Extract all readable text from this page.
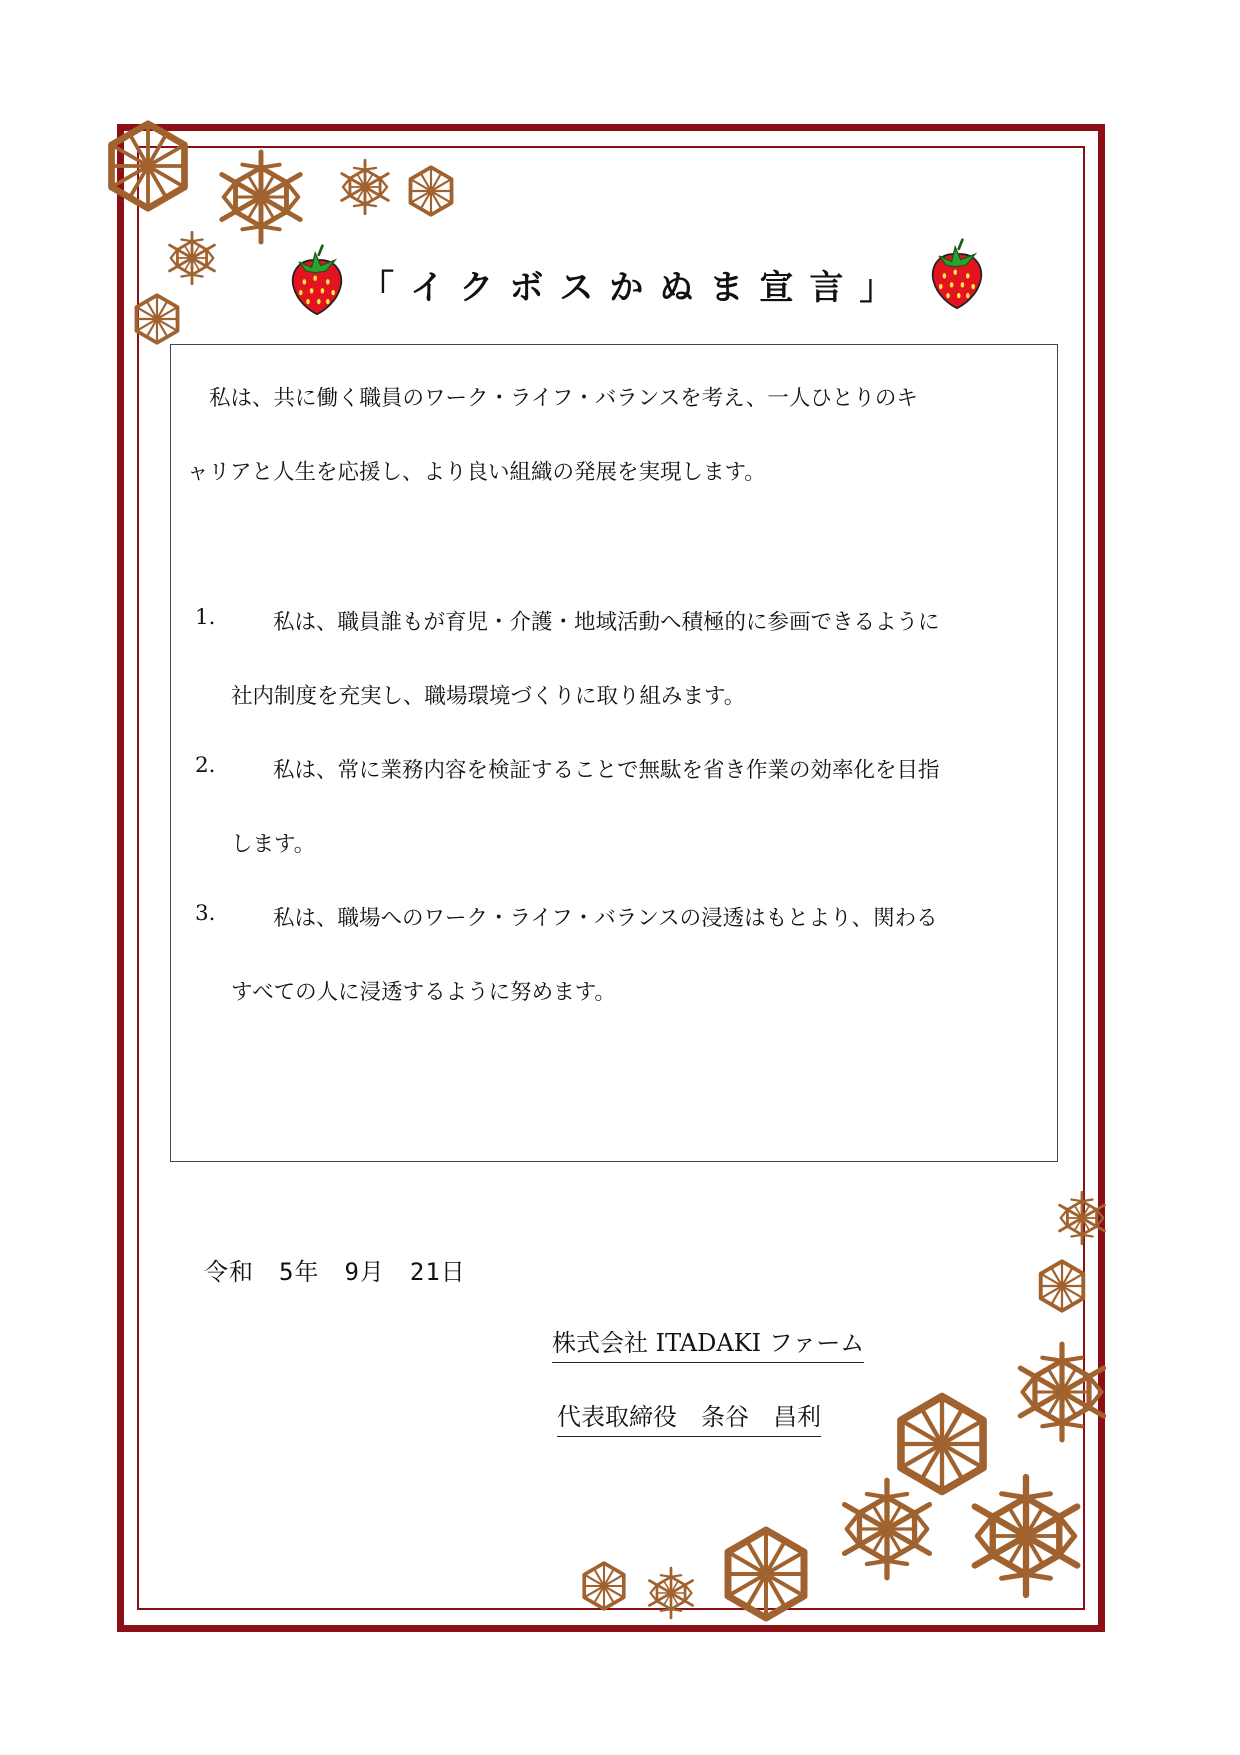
「イクボスかぬま宣言」

私は、共に働く職員のワーク・ライフ・バランスを考え、一人ひとりのキ

ャリアと人生を応援し、より良い組織の発展を実現します。

1.	私は、職員誰もが育児・介護・地域活動へ積極的に参画できるように

社内制度を充実し、職場環境づくりに取り組みます。

2.	私は、常に業務内容を検証することで無駄を省き作業の効率化を目指

します。

3.	私は、職場へのワーク・ライフ・バランスの浸透はもとより、関わる

すべての人に浸透するように努めます。

令和　5年　9月　21日
株式会社 ITADAKI ファーム
代表取締役　条谷　昌利
